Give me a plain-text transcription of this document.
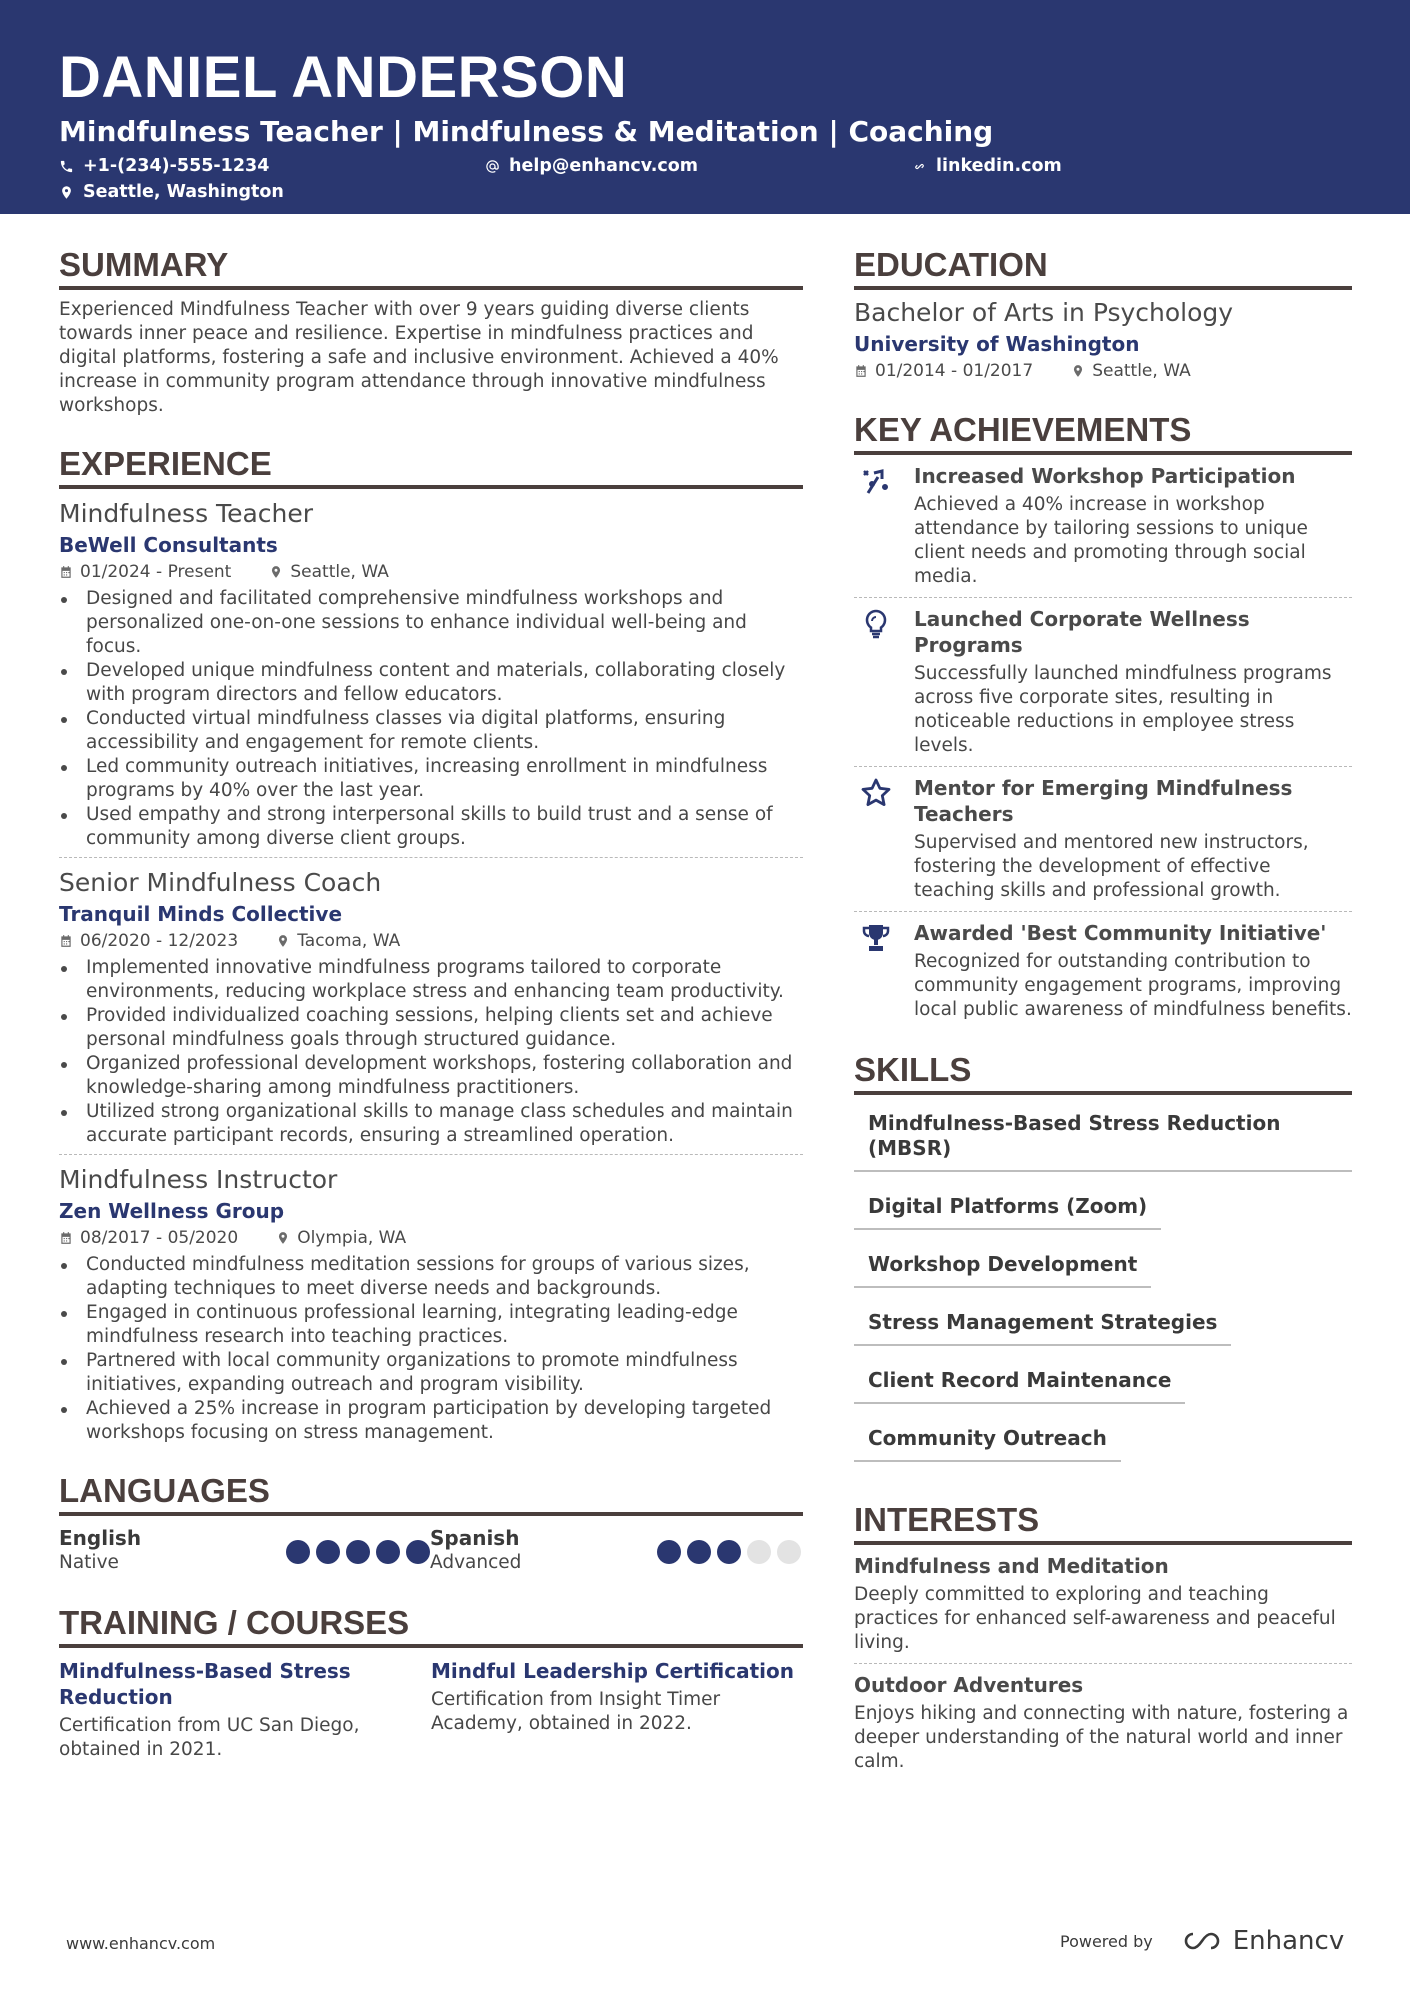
DANIEL ANDERSON
Mindfulness Teacher | Mindfulness & Meditation | Coaching
+1-(234)-555-1234	help@enhancv.com	linkedin.com
Seattle, Washington
SUMMARY
Experienced Mindfulness Teacher with over 9 years guiding diverse clients towards inner peace and resilience. Expertise in mindfulness practices and digital platforms, fostering a safe and inclusive environment. Achieved a 40% increase in community program attendance through innovative mindfulness workshops.
EXPERIENCE
Mindfulness Teacher
BeWell Consultants
01/2024 - Present	Seattle, WA
Designed and facilitated comprehensive mindfulness workshops and personalized one-on-one sessions to enhance individual well-being and focus.
Developed unique mindfulness content and materials, collaborating closely with program directors and fellow educators.
Conducted virtual mindfulness classes via digital platforms, ensuring accessibility and engagement for remote clients.
Led community outreach initiatives, increasing enrollment in mindfulness programs by 40% over the last year.
Used empathy and strong interpersonal skills to build trust and a sense of community among diverse client groups.
Senior Mindfulness Coach
Tranquil Minds Collective
06/2020 - 12/2023	Tacoma, WA
Implemented innovative mindfulness programs tailored to corporate environments, reducing workplace stress and enhancing team productivity.
Provided individualized coaching sessions, helping clients set and achieve personal mindfulness goals through structured guidance.
Organized professional development workshops, fostering collaboration and knowledge-sharing among mindfulness practitioners.
Utilized strong organizational skills to manage class schedules and maintain accurate participant records, ensuring a streamlined operation.
Mindfulness Instructor
Zen Wellness Group
08/2017 - 05/2020	Olympia, WA
Conducted mindfulness meditation sessions for groups of various sizes, adapting techniques to meet diverse needs and backgrounds.
Engaged in continuous professional learning, integrating leading-edge mindfulness research into teaching practices.
Partnered with local community organizations to promote mindfulness initiatives, expanding outreach and program visibility.
Achieved a 25% increase in program participation by developing targeted workshops focusing on stress management.
LANGUAGES
English
Native
Spanish
Advanced
TRAINING / COURSES
Mindfulness-Based Stress Reduction
Certification from UC San Diego, obtained in 2021.
Mindful Leadership Certification
Certification from Insight Timer Academy, obtained in 2022.
EDUCATION
Bachelor of Arts in Psychology
University of Washington
01/2014 - 01/2017	Seattle, WA
KEY ACHIEVEMENTS
Increased Workshop Participation
Achieved a 40% increase in workshop attendance by tailoring sessions to unique client needs and promoting through social media.
Launched Corporate Wellness Programs
Successfully launched mindfulness programs across five corporate sites, resulting in noticeable reductions in employee stress levels.
Mentor for Emerging Mindfulness Teachers
Supervised and mentored new instructors, fostering the development of effective teaching skills and professional growth.
Awarded 'Best Community Initiative'
Recognized for outstanding contribution to community engagement programs, improving local public awareness of mindfulness benefits.
SKILLS
Mindfulness-Based Stress Reduction (MBSR)
Digital Platforms (Zoom)
Workshop Development
Stress Management Strategies
Client Record Maintenance
Community Outreach
INTERESTS
Mindfulness and Meditation
Deeply committed to exploring and teaching practices for enhanced self-awareness and peaceful living.
Outdoor Adventures
Enjoys hiking and connecting with nature, fostering a deeper understanding of the natural world and inner calm.
www.enhancv.com	Powered by	Enhancv
